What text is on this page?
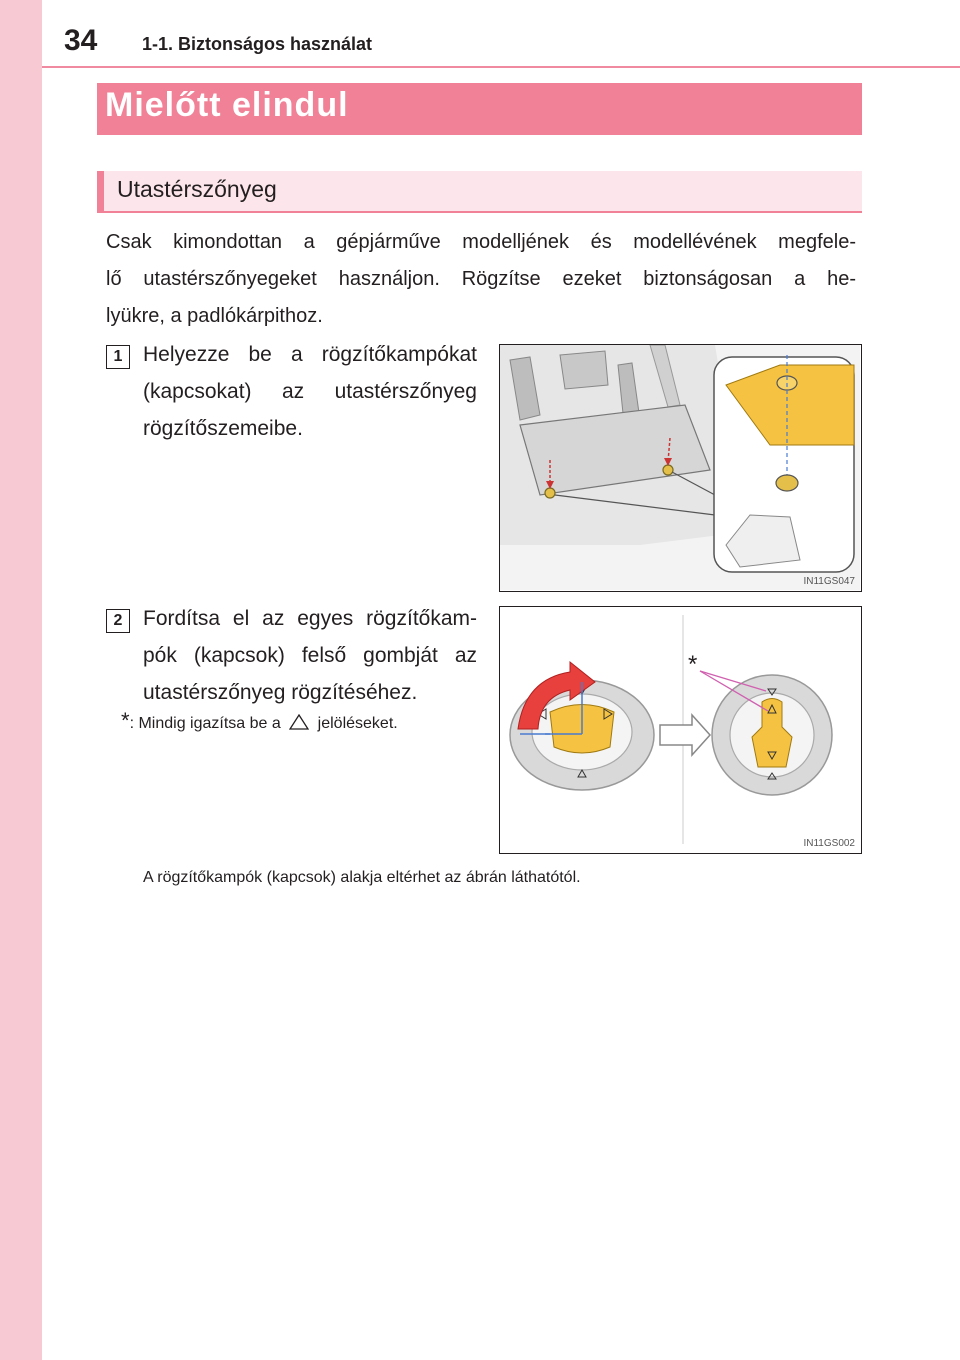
34 1-1. Biztonságos használat
Mielőtt elindul
Utastérszőnyeg

Csak kimondottan a gépjárműve modelljének és modellévének megfele-
lő utastérszőnyegeket használjon. Rögzítse ezeket biztonságosan a he-
lyükre, a padlókárpithoz.

1 Helyezze be a rögzítőkampókat
(kapcsokat) az utastérszőnyeg
rögzítőszemeibe.

IN11GS047
2 Fordítsa el az egyes rögzítőkam-
pók (kapcsok) felső gombját az
utastérszőnyeg rögzítéséhez.

*: Mindig igazítsa be a jelöléseket.
*
IN11GS002
A rögzítőkampók (kapcsok) alakja eltérhet az ábrán láthatótól.
